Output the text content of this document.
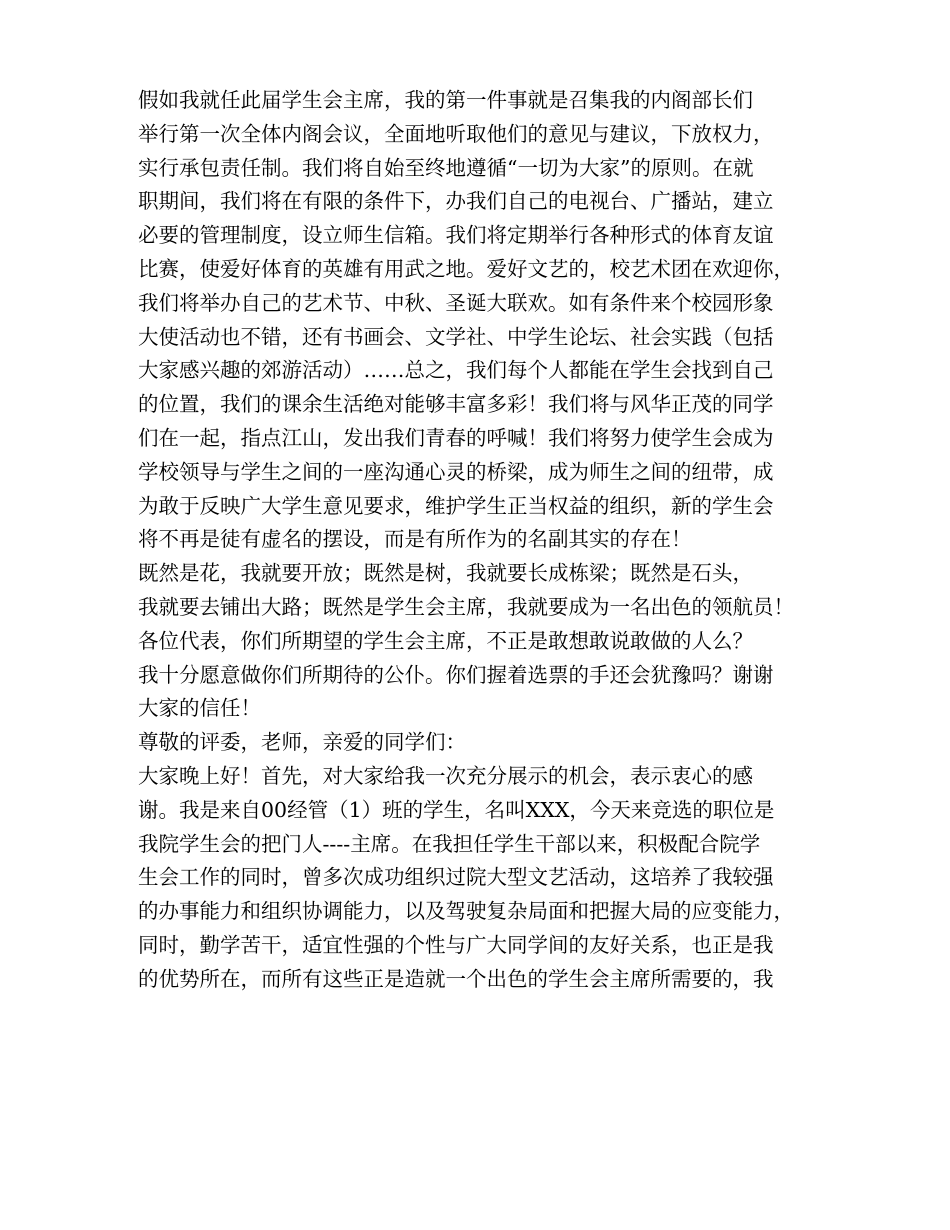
假如我就任此届学生会主席，我的第一件事就是召集我的内阁部长们
举行第一次全体内阁会议，全面地听取他们的意见与建议，下放权力，
实行承包责任制。我们将自始至终地遵循“一切为大家”的原则。在就
职期间，我们将在有限的条件下，办我们自己的电视台、广播站，建立
必要的管理制度，设立师生信箱。我们将定期举行各种形式的体育友谊
比赛，使爱好体育的英雄有用武之地。爱好文艺的，校艺术团在欢迎你，
我们将举办自己的艺术节、中秋、圣诞大联欢。如有条件来个校园形象
大使活动也不错，还有书画会、文学社、中学生论坛、社会实践（包括
大家感兴趣的郊游活动）……总之，我们每个人都能在学生会找到自己
的位置，我们的课余生活绝对能够丰富多彩！我们将与风华正茂的同学
们在一起，指点江山，发出我们青春的呼喊！我们将努力使学生会成为
学校领导与学生之间的一座沟通心灵的桥梁，成为师生之间的纽带，成
为敢于反映广大学生意见要求，维护学生正当权益的组织，新的学生会
将不再是徒有虚名的摆设，而是有所作为的名副其实的存在！
既然是花，我就要开放；既然是树，我就要长成栋梁；既然是石头，
我就要去铺出大路；既然是学生会主席，我就要成为一名出色的领航员！
各位代表，你们所期望的学生会主席，不正是敢想敢说敢做的人么？
我十分愿意做你们所期待的公仆。你们握着选票的手还会犹豫吗？谢谢
大家的信任！
尊敬的评委，老师，亲爱的同学们：
大家晚上好！首先，对大家给我一次充分展示的机会，表示衷心的感
谢。我是来自00经管（1）班的学生，名叫XXX，今天来竞选的职位是
我院学生会的把门人----主席。在我担任学生干部以来，积极配合院学
生会工作的同时，曾多次成功组织过院大型文艺活动，这培养了我较强
的办事能力和组织协调能力，以及驾驶复杂局面和把握大局的应变能力，
同时，勤学苦干，适宜性强的个性与广大同学间的友好关系，也正是我
的优势所在，而所有这些正是造就一个出色的学生会主席所需要的，我
